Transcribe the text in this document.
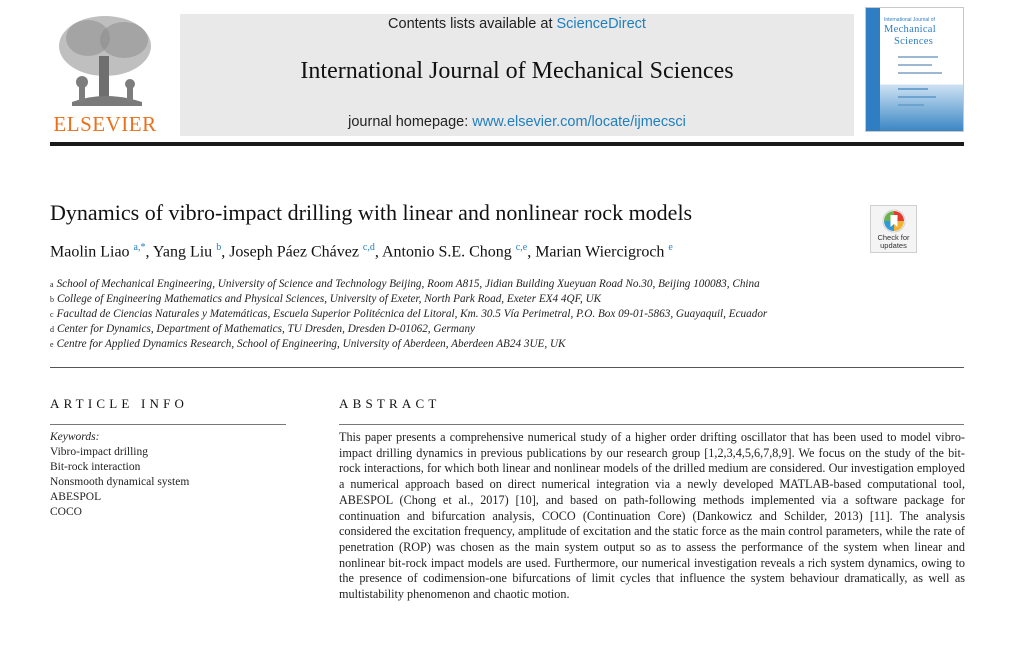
ELSEVIER
Contents lists available at ScienceDirect
International Journal of Mechanical Sciences
journal homepage: www.elsevier.com/locate/ijmecsci
International Journal of
Mechanical
Sciences
Dynamics of vibro-impact drilling with linear and nonlinear rock models
Check for updates
Maolin Liao $^{a,*}$, Yang Liu $^b$, Joseph Páez Chávez $^{c,d}$, Antonio S.E. Chong $^{c,e}$, Marian Wiercigroch $^e$
$^a$ School of Mechanical Engineering, University of Science and Technology Beijing, Room A815, Jidian Building Xueyuan Road No.30, Beijing 100083, China
$^b$ College of Engineering Mathematics and Physical Sciences, University of Exeter, North Park Road, Exeter EX4 4QF, UK
$^c$ Facultad de Ciencias Naturales y Matemáticas, Escuela Superior Politécnica del Litoral, Km. 30.5 Vía Perimetral, P.O. Box 09-01-5863, Guayaquil, Ecuador
$^d$ Center for Dynamics, Department of Mathematics, TU Dresden, Dresden D-01062, Germany
$^e$ Centre for Applied Dynamics Research, School of Engineering, University of Aberdeen, Aberdeen AB24 3UE, UK
ARTICLE INFO
Keywords:
Vibro-impact drilling
Bit-rock interaction
Nonsmooth dynamical system
ABESPOL
COCO
ABSTRACT
This paper presents a comprehensive numerical study of a higher order drifting oscillator that has been used to model vibro-impact drilling dynamics in previous publications by our research group [1,2,3,4,5,6,7,8,9]. We focus on the study of the bit-rock interactions, for which both linear and nonlinear models of the drilled medium are considered. Our investigation employed a numerical approach based on direct numerical integration via a newly developed MATLAB-based computational tool, ABESPOL (Chong et al., 2017) [10], and based on path-following methods implemented via a software package for continuation and bifurcation analysis, COCO (Continuation Core) (Dankowicz and Schilder, 2013) [11]. The analysis considered the excitation frequency, amplitude of excitation and the static force as the main control parameters, while the rate of penetration (ROP) was chosen as the main system output so as to assess the performance of the system when linear and nonlinear bit-rock impact models are used. Furthermore, our numerical investigation reveals a rich system dynamics, owing to the presence of codimension-one bifurcations of limit cycles that influence the system behaviour dramatically, as well as multistability phenomenon and chaotic motion.
